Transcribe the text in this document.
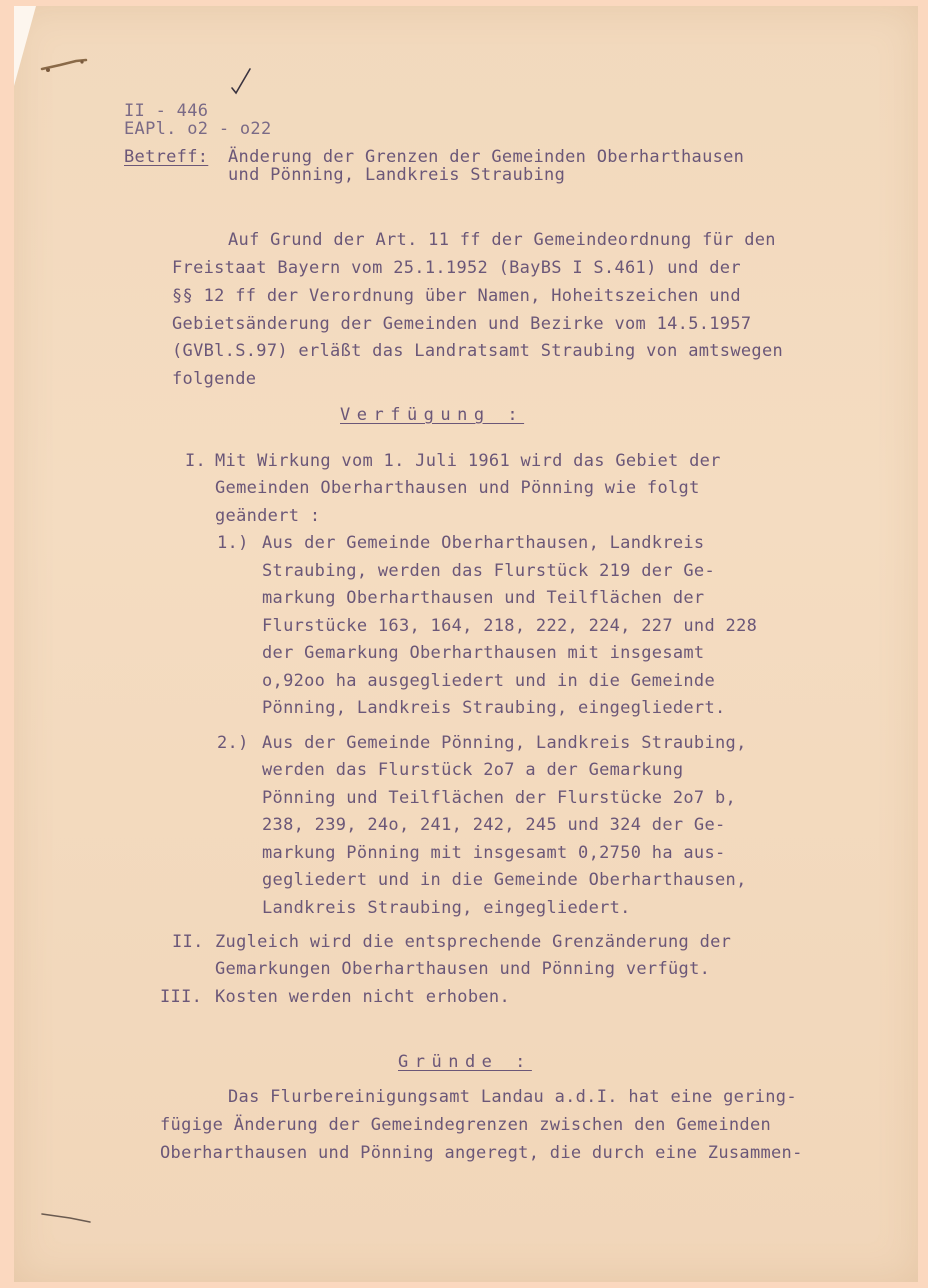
II - 446
EAPl. o2 - o22
Betreff: Änderung der Grenzen der Gemeinden Oberharthausen
und Pönning, Landkreis Straubing
Auf Grund der Art. 11 ff der Gemeindeordnung für den
Freistaat Bayern vom 25.1.1952 (BayBS I S.461) und der
§§ 12 ff der Verordnung über Namen, Hoheitszeichen und
Gebietsänderung der Gemeinden und Bezirke vom 14.5.1957
(GVBl.S.97) erläßt das Landratsamt Straubing von amtswegen
folgende
Verfügung :
I. Mit Wirkung vom 1. Juli 1961 wird das Gebiet der
Gemeinden Oberharthausen und Pönning wie folgt
geändert :
1.) Aus der Gemeinde Oberharthausen, Landkreis
Straubing, werden das Flurstück 219 der Ge-
markung Oberharthausen und Teilflächen der
Flurstücke 163, 164, 218, 222, 224, 227 und 228
der Gemarkung Oberharthausen mit insgesamt
o,92oo ha ausgegliedert und in die Gemeinde
Pönning, Landkreis Straubing, eingegliedert.
2.) Aus der Gemeinde Pönning, Landkreis Straubing,
werden das Flurstück 2o7 a der Gemarkung
Pönning und Teilflächen der Flurstücke 2o7 b,
238, 239, 24o, 241, 242, 245 und 324 der Ge-
markung Pönning mit insgesamt 0,2750 ha aus-
gegliedert und in die Gemeinde Oberharthausen,
Landkreis Straubing, eingegliedert.
II. Zugleich wird die entsprechende Grenzänderung der
Gemarkungen Oberharthausen und Pönning verfügt.
III. Kosten werden nicht erhoben.
Gründe :
Das Flurbereinigungsamt Landau a.d.I. hat eine gering-
fügige Änderung der Gemeindegrenzen zwischen den Gemeinden
Oberharthausen und Pönning angeregt, die durch eine Zusammen-
